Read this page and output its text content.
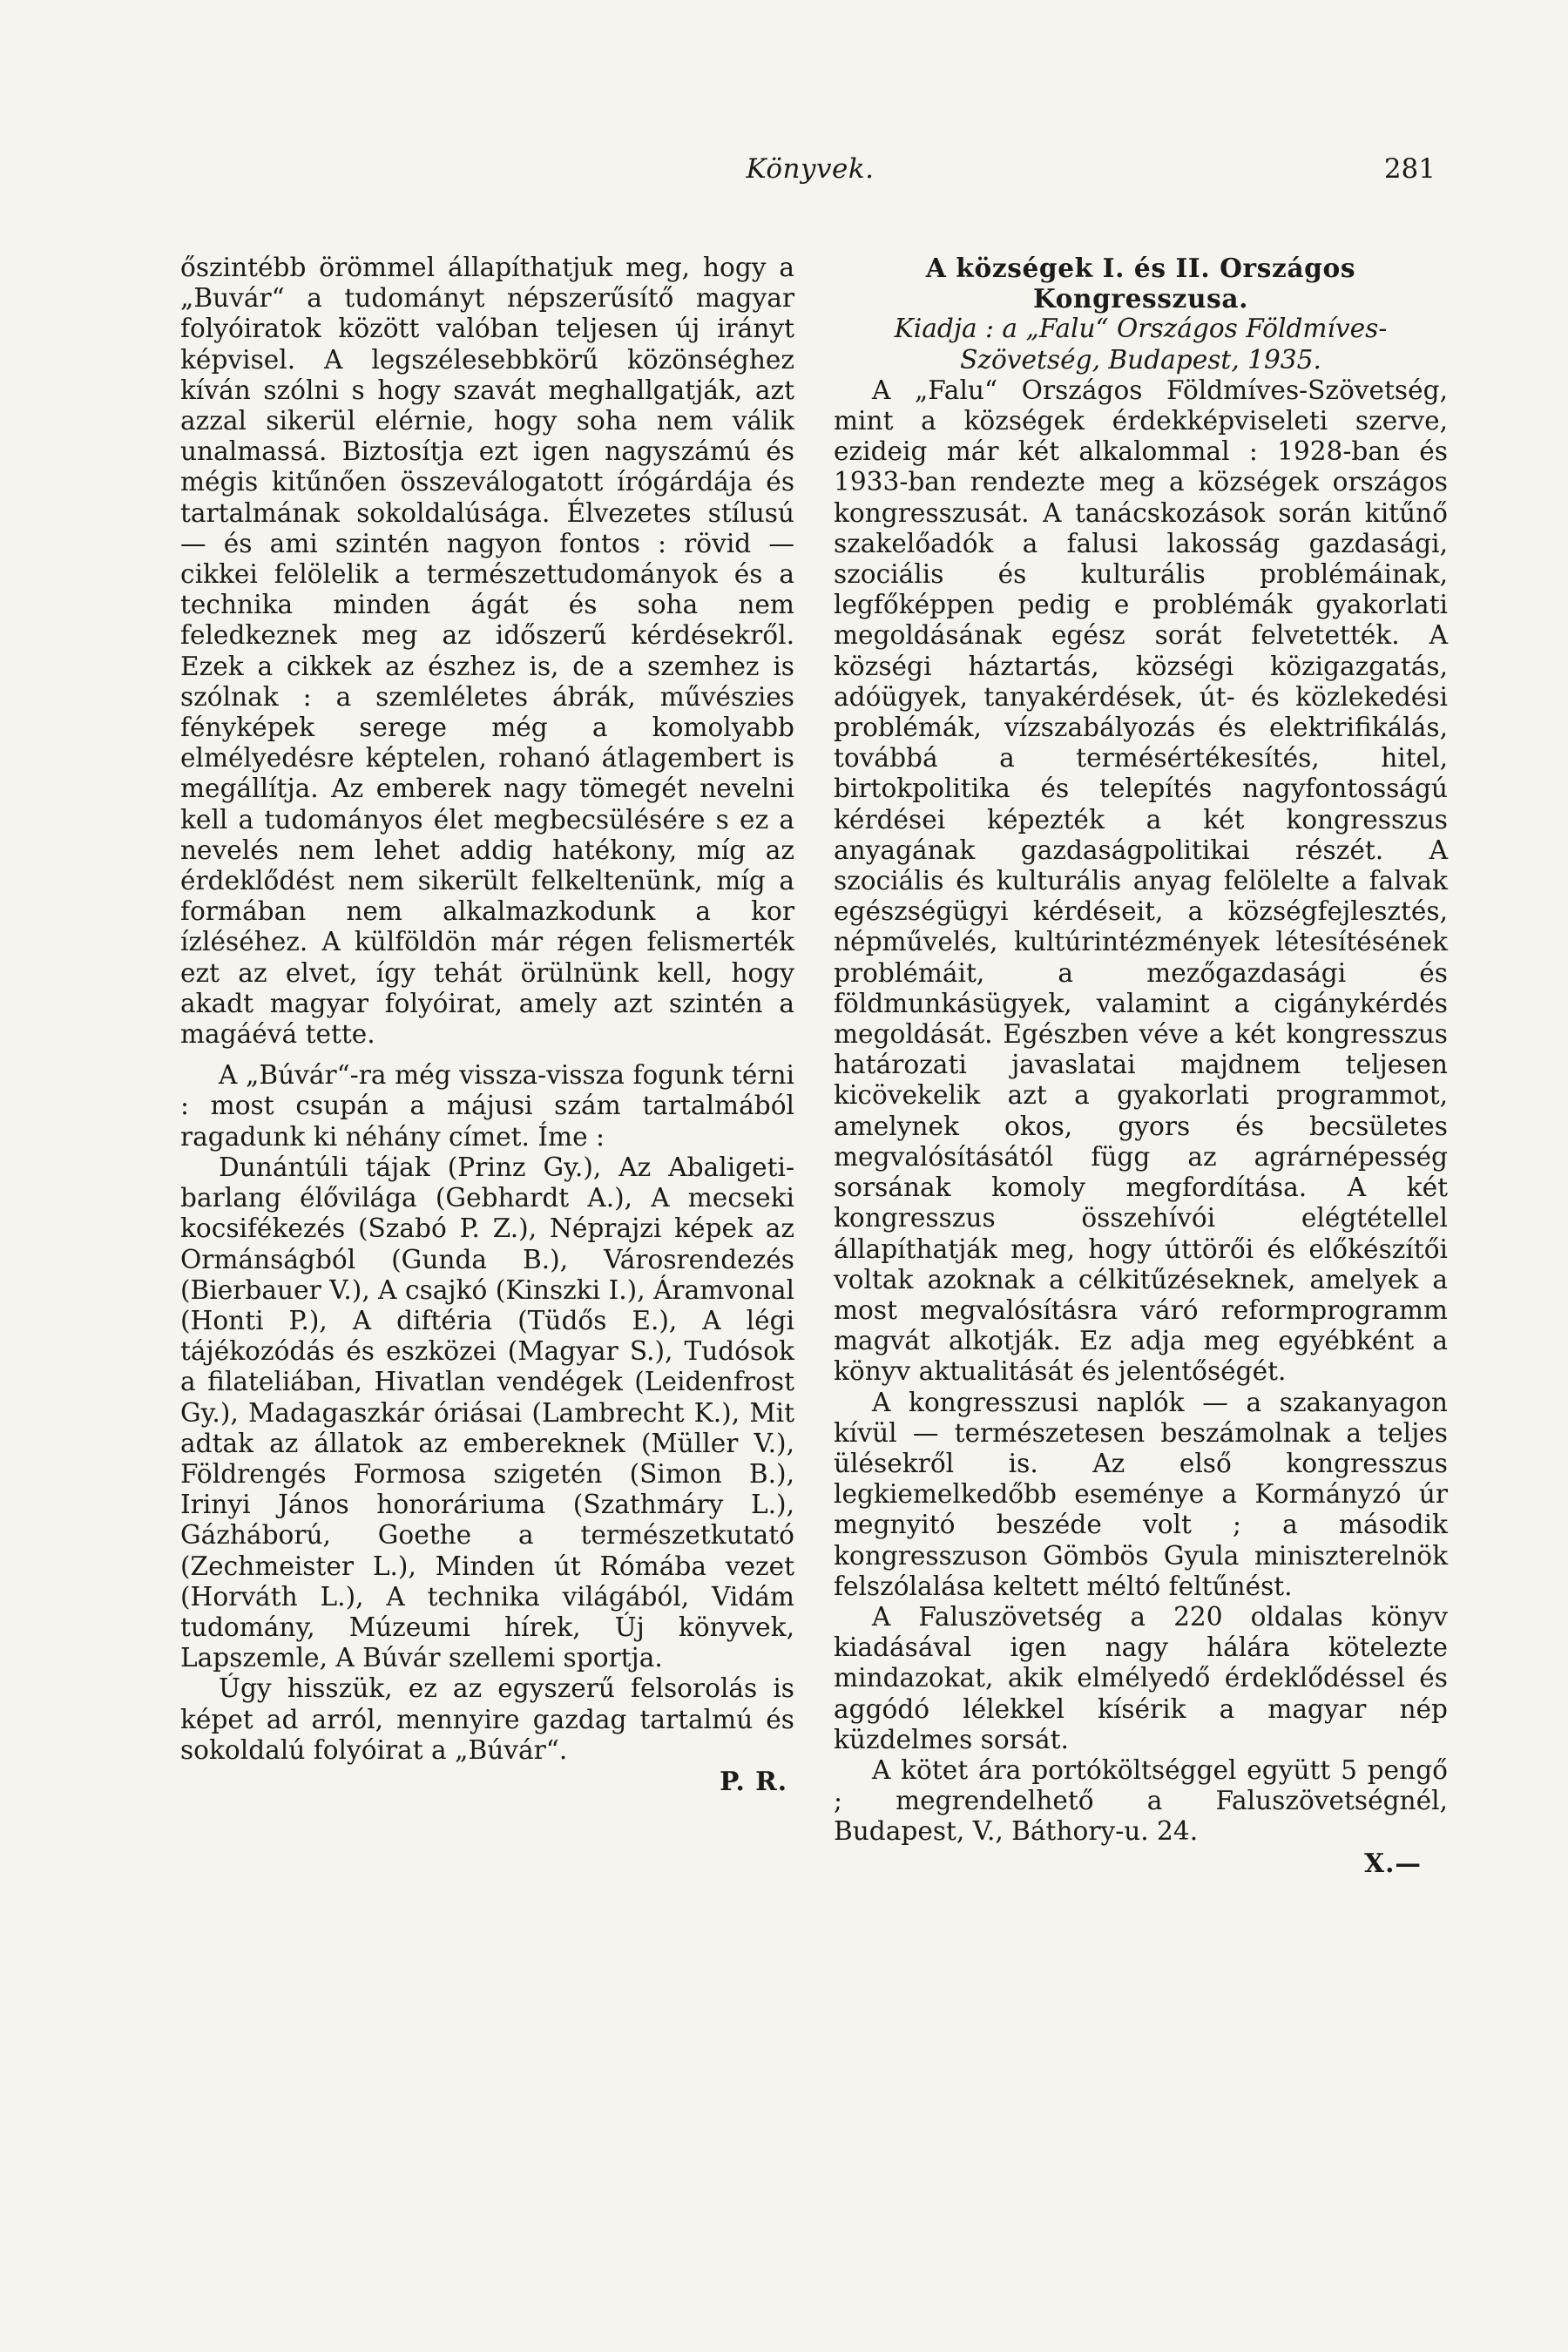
Könyvek.	281

őszintébb örömmel állapíthatjuk meg, hogy a „Buvár“ a tudományt népszerűsítő magyar folyóiratok között valóban teljesen új irányt képvisel. A legszélesebbkörű közönséghez kíván szólni s hogy szavát meghallgatják, azt azzal sikerül elérnie, hogy soha nem válik unalmassá. Biztosítja ezt igen nagyszámú és mégis kitűnően összeválogatott írógárdája és tartalmának sokoldalúsága. Élvezetes stílusú — és ami szintén nagyon fontos : rövid — cikkei felölelik a természettudományok és a technika minden ágát és soha nem feledkeznek meg az időszerű kérdésekről. Ezek a cikkek az észhez is, de a szemhez is szólnak : a szemléletes ábrák, művészies fényképek serege még a komolyabb elmélyedésre képtelen, rohanó átlagembert is megállítja. Az emberek nagy tömegét nevelni kell a tudományos élet megbecsülésére s ez a nevelés nem lehet addig hatékony, míg az érdeklődést nem sikerült felkeltenünk, míg a formában nem alkalmazkodunk a kor ízléséhez. A külföldön már régen felismerték ezt az elvet, így tehát örülnünk kell, hogy akadt magyar folyóirat, amely azt szintén a magáévá tette.

A „Búvár“-ra még vissza-vissza fogunk térni : most csupán a májusi szám tartalmából ragadunk ki néhány címet. Íme :

Dunántúli tájak (Prinz Gy.), Az Abaligeti-barlang élővilága (Gebhardt A.), A mecseki kocsifékezés (Szabó P. Z.), Néprajzi képek az Ormánságból (Gunda B.), Városrendezés (Bierbauer V.), A csajkó (Kinszki I.), Áramvonal (Honti P.), A diftéria (Tüdős E.), A légi tájékozódás és eszközei (Magyar S.), Tudósok a filateliában, Hivatlan vendégek (Leidenfrost Gy.), Madagaszkár óriásai (Lambrecht K.), Mit adtak az állatok az embereknek (Müller V.), Földrengés Formosa szigetén (Simon B.), Irinyi János honoráriuma (Szathmáry L.), Gázháború, Goethe a természetkutató (Zechmeister L.), Minden út Rómába vezet (Horváth L.), A technika világából, Vidám tudomány, Múzeumi hírek, Új könyvek, Lapszemle, A Búvár szellemi sportja.

Úgy hisszük, ez az egyszerű felsorolás is képet ad arról, mennyire gazdag tartalmú és sokoldalú folyóirat a „Búvár“.

P. R.

A községek I. és II. Országos Kongresszusa.

Kiadja : a „Falu“ Országos Földmíves-Szövetség, Budapest, 1935.

A „Falu“ Országos Földmíves-Szövetség, mint a községek érdekképviseleti szerve, ezideig már két alkalommal : 1928-ban és 1933-ban rendezte meg a községek országos kongresszusát. A tanácskozások során kitűnő szakelőadók a falusi lakosság gazdasági, szociális és kulturális problémáinak, legfőképpen pedig e problémák gyakorlati megoldásának egész sorát felvetették. A községi háztartás, községi közigazgatás, adóügyek, tanyakérdések, út- és közlekedési problémák, vízszabályozás és elektrifikálás, továbbá a termésértékesítés, hitel, birtokpolitika és telepítés nagyfontosságú kérdései képezték a két kongresszus anyagának gazdaságpolitikai részét. A szociális és kulturális anyag felölelte a falvak egészségügyi kérdéseit, a községfejlesztés, népművelés, kultúrintézmények létesítésének problémáit, a mezőgazdasági és földmunkásügyek, valamint a cigánykérdés megoldását. Egészben véve a két kongresszus határozati javaslatai majdnem teljesen kicövekelik azt a gyakorlati programmot, amelynek okos, gyors és becsületes megvalósításától függ az agrárnépesség sorsának komoly megfordítása. A két kongresszus összehívói elégtétellel állapíthatják meg, hogy úttörői és előkészítői voltak azoknak a célkitűzéseknek, amelyek a most megvalósításra váró reformprogramm magvát alkotják. Ez adja meg egyébként a könyv aktualitását és jelentőségét.

A kongresszusi naplók — a szakanyagon kívül — természetesen beszámolnak a teljes ülésekről is. Az első kongresszus legkiemelkedőbb eseménye a Kormányzó úr megnyitó beszéde volt ; a második kongresszuson Gömbös Gyula miniszterelnök felszólalása keltett méltó feltűnést.

A Faluszövetség a 220 oldalas könyv kiadásával igen nagy hálára kötelezte mindazokat, akik elmélyedő érdeklődéssel és aggódó lélekkel kísérik a magyar nép küzdelmes sorsát.

A kötet ára portóköltséggel együtt 5 pengő ; megrendelhető a Faluszövetségnél, Budapest, V., Báthory-u. 24.

X.—
